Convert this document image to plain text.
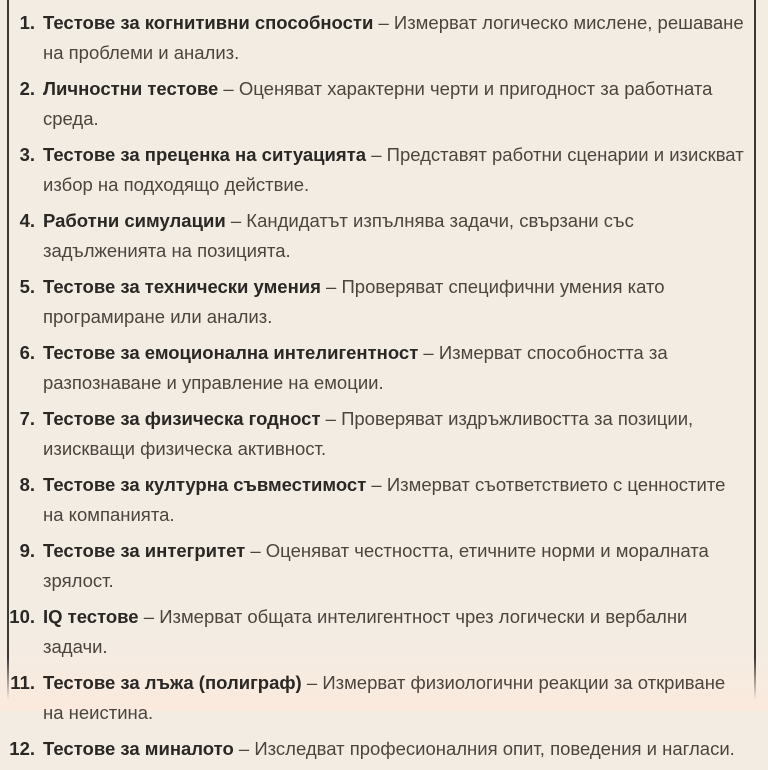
1. Тестове за когнитивни способности – Измерват логическо мислене, решаване на проблеми и анализ.
2. Личностни тестове – Оценяват характерни черти и пригодност за работната среда.
3. Тестове за преценка на ситуацията – Представят работни сценарии и изискват избор на подходящо действие.
4. Работни симулации – Кандидатът изпълнява задачи, свързани със задълженията на позицията.
5. Тестове за технически умения – Проверяват специфични умения като програмиране или анализ.
6. Тестове за емоционална интелигентност – Измерват способността за разпознаване и управление на емоции.
7. Тестове за физическа годност – Проверяват издръжливостта за позиции, изискващи физическа активност.
8. Тестове за културна съвместимост – Измерват съответствието с ценностите на компанията.
9. Тестове за интегритет – Оценяват честността, етичните норми и моралната зрялост.
10. IQ тестове – Измерват общата интелигентност чрез логически и вербални задачи.
11. Тестове за лъжа (полиграф) – Измерват физиологични реакции за откриване на неистина.
12. Тестове за миналото – Изследват професионалния опит, поведения и нагласи.
